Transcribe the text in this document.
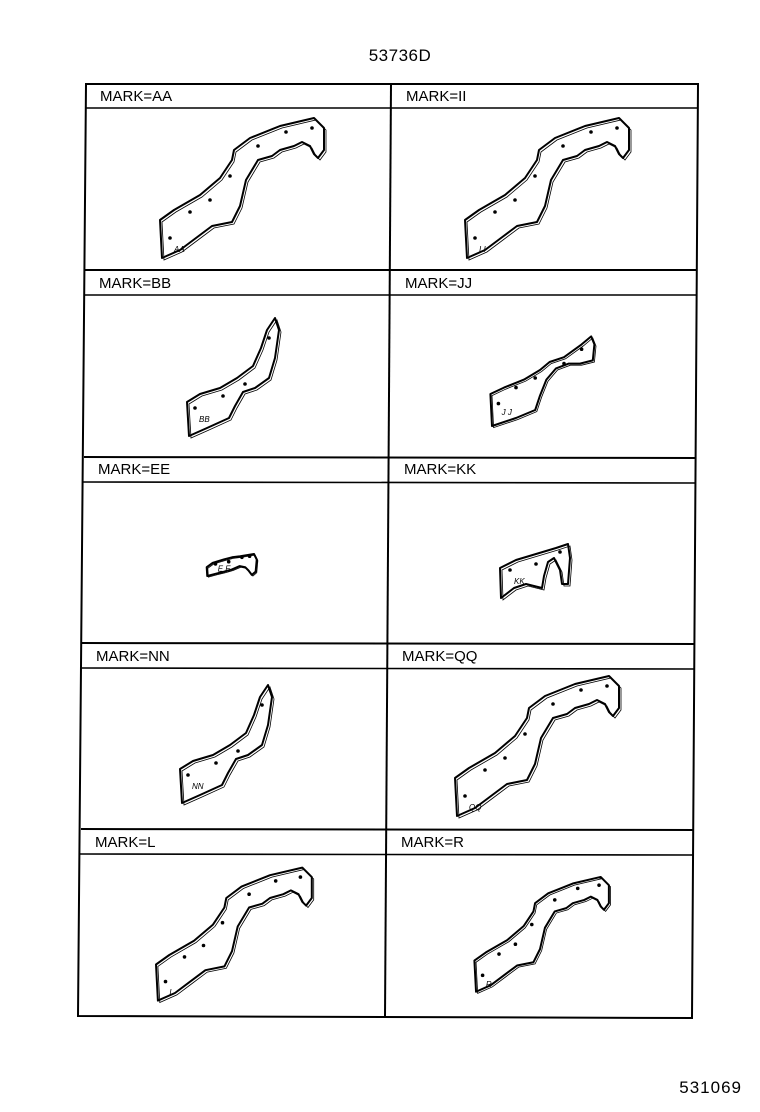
53736D
AA	I I
BB
J J
E E
KK
NN
QQ
L
R
MARK=AA	MARK=II
MARK=BB	MARK=JJ
MARK=EE	MARK=KK
MARK=NN	MARK=QQ
MARK=L	MARK=R
531069
